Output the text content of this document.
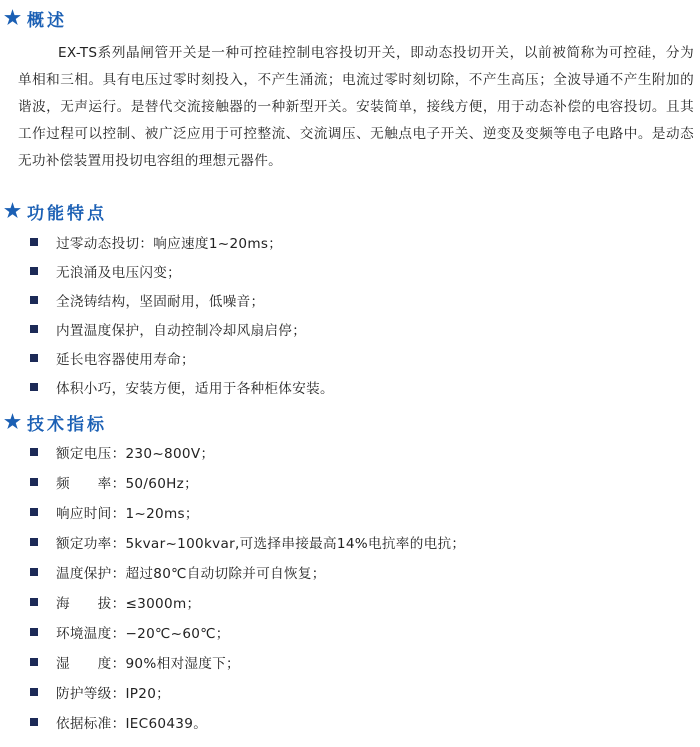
★ 概述

EX-TS系列晶闸管开关是一种可控硅控制电容投切开关，即动态投切开关，以前被简称为可控硅，分为单相和三相。具有电压过零时刻投入，不产生涌流；电流过零时刻切除，不产生高压；全波导通不产生附加的谐波，无声运行。是替代交流接触器的一种新型开关。安装简单，接线方便，用于动态补偿的电容投切。且其工作过程可以控制、被广泛应用于可控整流、交流调压、无触点电子开关、逆变及变频等电子电路中。是动态无功补偿装置用投切电容组的理想元器件。

★ 功能特点
过零动态投切：响应速度1~20ms；
无浪涌及电压闪变；
全浇铸结构，坚固耐用，低噪音；
内置温度保护，自动控制冷却风扇启停；
延长电容器使用寿命；
体积小巧，安装方便，适用于各种柜体安装。
★ 技术指标
额定电压： 230~800V；
频　　率： 50/60Hz；
响应时间： 1~20ms；
额定功率： 5kvar~100kvar,可选择串接最高14%电抗率的电抗；
温度保护： 超过80℃自动切除并可自恢复；
海　　拔： ≤3000m；
环境温度： −20℃~60℃；
湿　　度： 90%相对湿度下；
防护等级： IP20；
依据标准： IEC60439。
